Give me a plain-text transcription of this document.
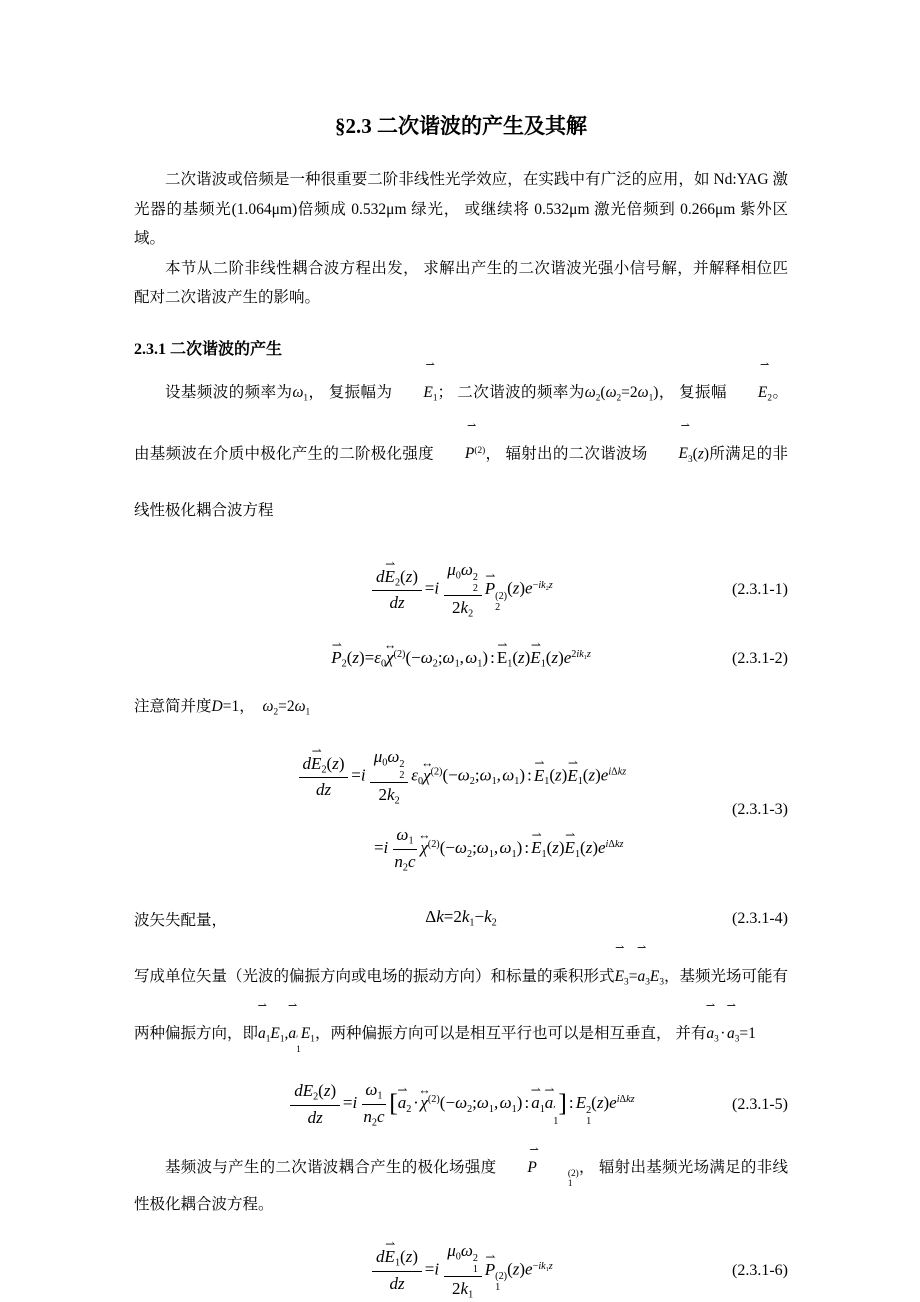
§2.3 二次谐波的产生及其解

二次谐波或倍频是一种很重要二阶非线性光学效应，在实践中有广泛的应用，如 Nd:YAG 激光器的基频光(1.064μm)倍频成 0.532μm 绿光， 或继续将 0.532μm 激光倍频到 0.266μm 紫外区域。

本节从二阶非线性耦合波方程出发， 求解出产生的二次谐波光强小信号解，并解释相位匹配对二次谐波产生的影响。

2.3.1 二次谐波的产生

设基频波的频率为$\omega_1$， 复振幅为 ⇀ $E_1$； 二次谐波的频率为$\omega_2(\omega_2=2\omega_1)$， 复振幅 ⇀ $E_2$。由基频波在介质中极化产生的二阶极化强度 ⇀ $P^{(2)}$， 辐射出的二次谐波场 ⇀ $E_3(z)$所满足的非线性极化耦合波方程

$\frac{d⇀ E_2(z)}{dz} =i$ $\mu_0\omega$ 2
2
$2k_2$ ⇀ P (2)
2
$(z)e^{-ik_2z}$	(2.3.1-1)
⇀ $P_2(z)=\varepsilon_0\leftrightarrow$ $\chi^{(2)}(-\omega_2;\omega_1,\omega_1)$ : ⇀ $E_1(z)⇀$ $E_1(z)e^{2ik_1z}$	(2.3.1-2)

注意简并度D=1， $\omega_2=2\omega_1$

$\frac{d⇀ E_2(z)}{dz} =i$ $\mu_0\omega$ 2
2
$2k_2$ $\varepsilon_0\leftrightarrow$ $\chi^{(2)}(-\omega_2;\omega_1,\omega_1)$ : ⇀ $E_1(z)⇀$ $E_1(z)e^{i\Delta kz}$
$=i \frac{\omega_1}{n_2c}$ ↔ $\chi^{(2)}(-\omega_2;\omega_1,\omega_1)$ : ⇀ $E_1(z)⇀$ $E_1(z)e^{i\Delta kz}$
(2.3.1-3)
波矢失配量，	$\Delta k=2k_1-k_2$	(2.3.1-4)

写成单位矢量（光波的偏振方向或电场的振动方向）和标量的乘积形式⇀ $E_3=⇀$ $a_3E_3$，基频光场可能有两种偏振方向，即⇀ $a_1E_1,⇀$ a ′
1
$E_1$，两种偏振方向可以是相互平行也可以是相互垂直， 并有⇀ $a_3\cdot⇀$ $a_3=1$

$\frac{dE_2(z)}{dz} =i \frac{\omega_1}{n_2c}$ [⇀ $a_2\cdot\leftrightarrow$ $\chi^{(2)}(-\omega_2;\omega_1,\omega_1)$ : ⇀ $a_1⇀$ a ′
1
] : E 2
1
$(z)e^{i\Delta kz}$	(2.3.1-5)

基频波与产生的二次谐波耦合产生的极化场强度 ⇀ P	(2)
1
， 辐射出基频光场满足的非线性极化耦合波方程。

$\frac{d⇀ E_1(z)}{dz} =i$ $\mu_0\omega$ 2
1
$2k_1$ ⇀ P (2)
1
$(z)e^{-ik_1z}$	(2.3.1-6)
